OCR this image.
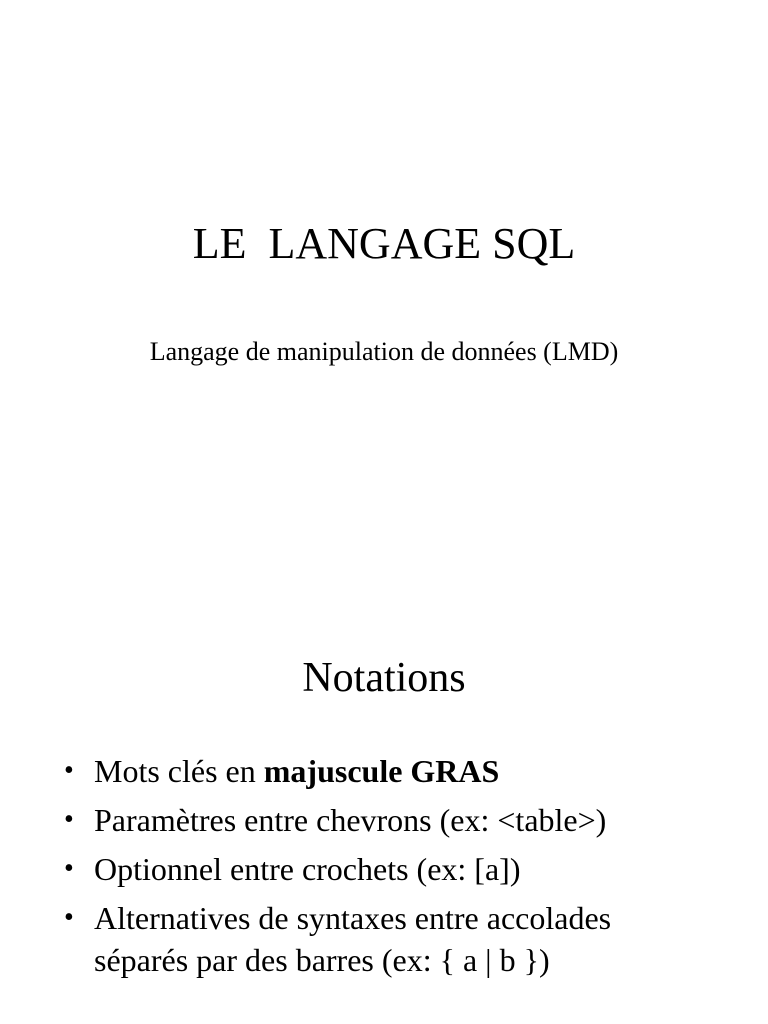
LE  LANGAGE SQL

Langage de manipulation de données (LMD)

Notations
• Mots clés en majuscule GRAS
• Paramètres entre chevrons (ex: <table>)
• Optionnel entre crochets (ex: [a])
• Alternatives de syntaxes entre accolades séparés par des barres (ex: { a | b })
